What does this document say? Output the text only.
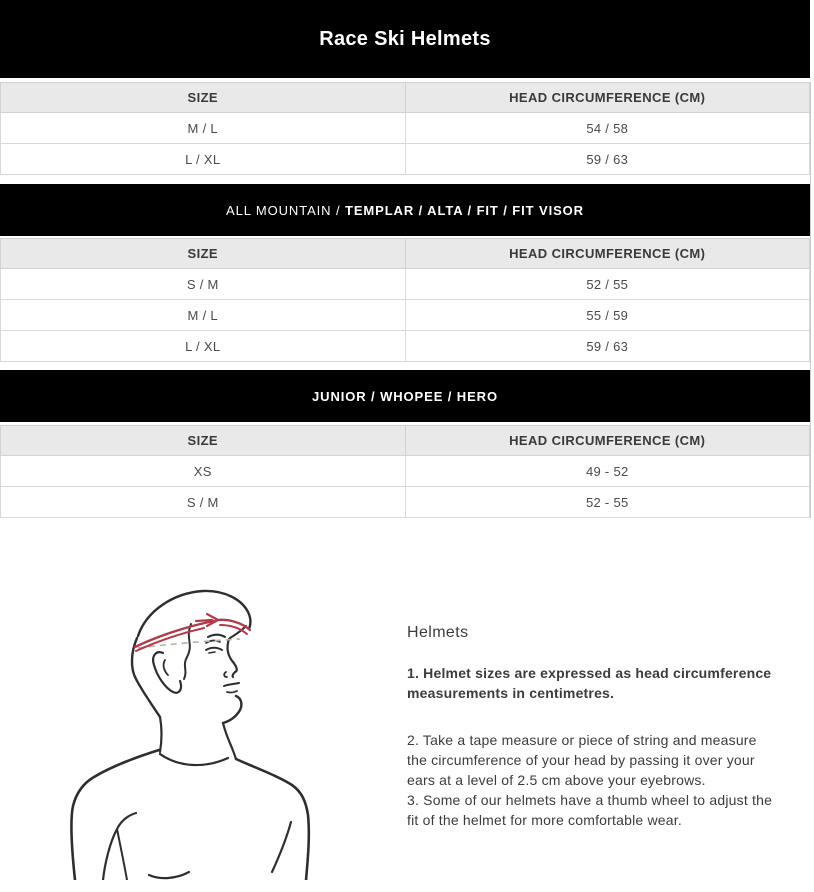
Race Ski Helmets
SIZE	HEAD CIRCUMFERENCE (CM)
M / L	54 / 58
L / XL	59 / 63
ALL MOUNTAIN / TEMPLAR / ALTA / FIT / FIT VISOR
SIZE	HEAD CIRCUMFERENCE (CM)
S / M	52 / 55
M / L	55 / 59
L / XL	59 / 63
JUNIOR / WHOPEE / HERO
SIZE	HEAD CIRCUMFERENCE (CM)
XS	49 - 52
S / M	52 - 55
Helmets

1. Helmet sizes are expressed as head circumference measurements in centimetres.

2. Take a tape measure or piece of string and measure the circumference of your head by passing it over your ears at a level of 2.5 cm above your eyebrows.

3. Some of our helmets have a thumb wheel to adjust the fit of the helmet for more comfortable wear.
